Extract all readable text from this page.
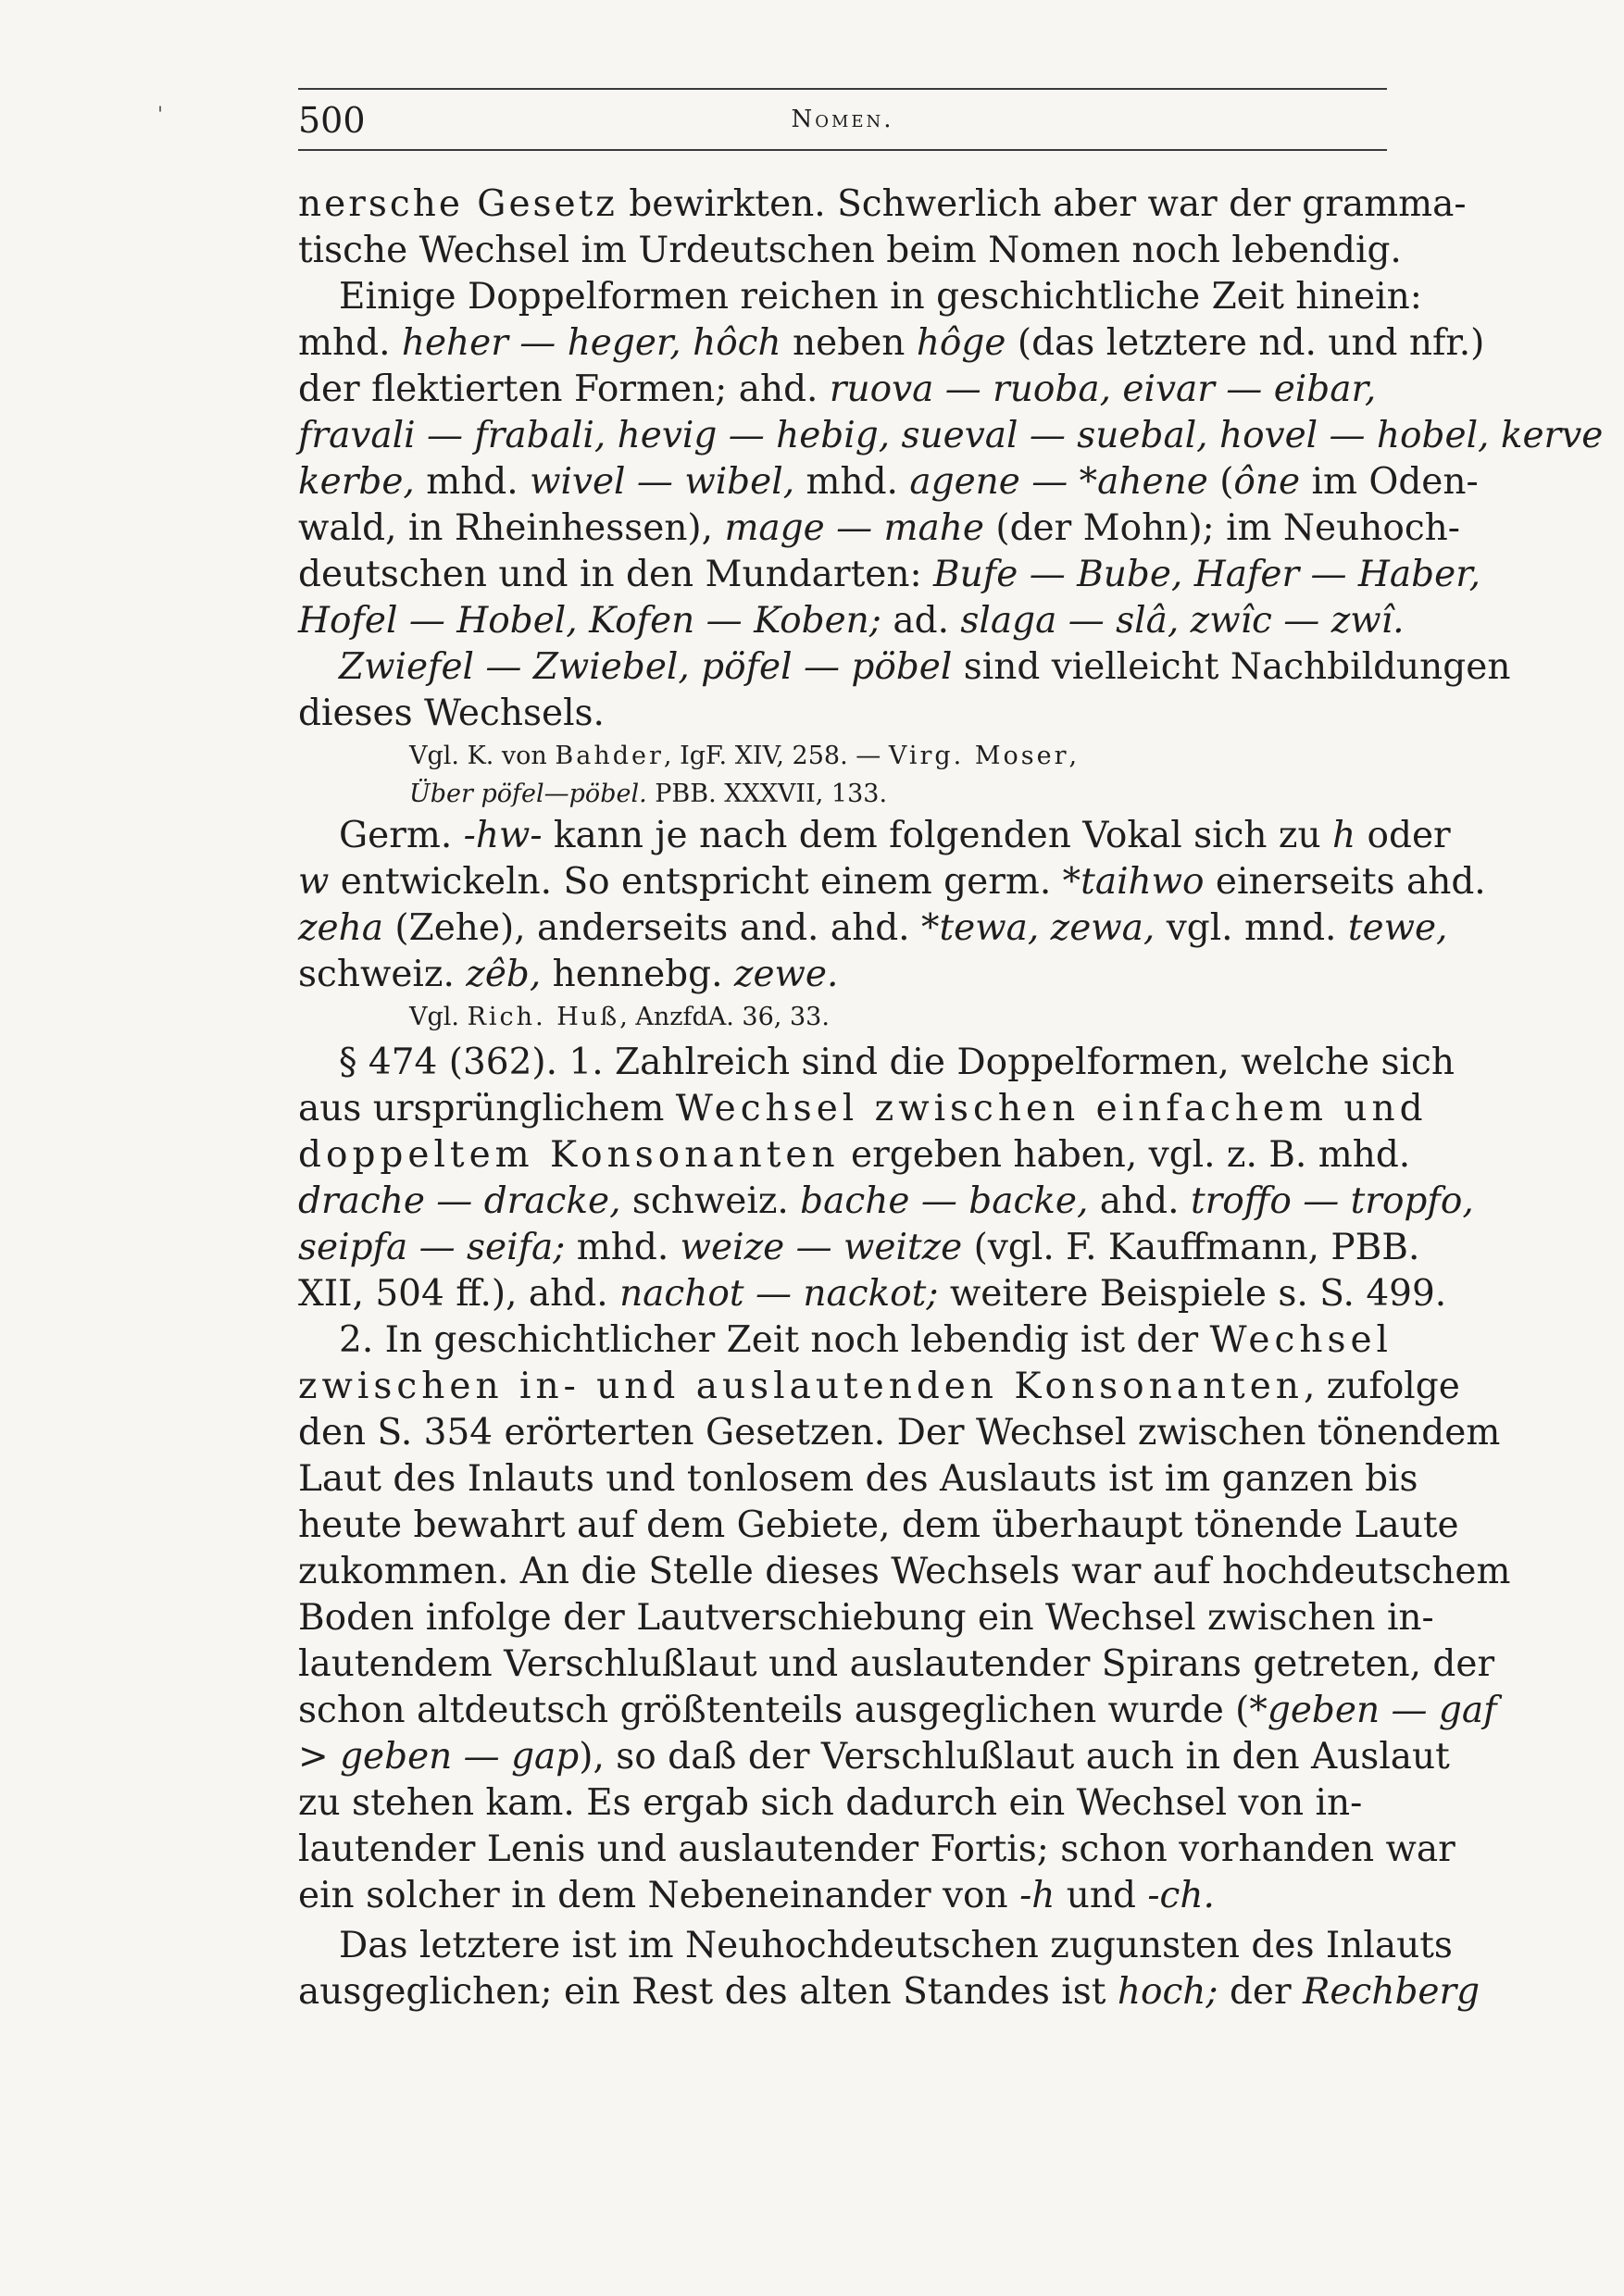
'	500	Nomen.
nersche Gesetz bewirkten. Schwerlich aber war der gramma-
tische Wechsel im Urdeutschen beim Nomen noch lebendig.
Einige Doppelformen reichen in geschichtliche Zeit hinein:
mhd. heher — heger, hôch neben hôge (das letztere nd. und nfr.)
der flektierten Formen; ahd. ruova — ruoba, eivar — eibar,
fravali — frabali, hevig — hebig, sueval — suebal, hovel — hobel, kerve
kerbe, mhd. wivel — wibel, mhd. agene — *ahene (ône im Oden-
wald, in Rheinhessen), mage — mahe (der Mohn); im Neuhoch-
deutschen und in den Mundarten: Bufe — Bube, Hafer — Haber,
Hofel — Hobel, Kofen — Koben; ad. slaga — slâ, zwîc — zwî.
Zwiefel — Zwiebel, pöfel — pöbel sind vielleicht Nachbildungen
dieses Wechsels.
Vgl. K. von Bahder, IgF. XIV, 258. — Virg. Moser,
Über pöfel—pöbel. PBB. XXXVII, 133.
Germ. -hw- kann je nach dem folgenden Vokal sich zu h oder
w entwickeln. So entspricht einem germ. *taihwo einerseits ahd.
zeha (Zehe), anderseits and. ahd. *tewa, zewa, vgl. mnd. tewe,
schweiz. zêb, hennebg. zewe.
Vgl. Rich. Huß, AnzfdA. 36, 33.
§ 474 (362). 1. Zahlreich sind die Doppelformen, welche sich
aus ursprünglichem Wechsel zwischen einfachem und
doppeltem Konsonanten ergeben haben, vgl. z. B. mhd.
drache — dracke, schweiz. bache — backe, ahd. troffo — tropfo,
seipfa — seifa; mhd. weize — weitze (vgl. F. Kauffmann, PBB.
XII, 504 ff.), ahd. nachot — nackot; weitere Beispiele s. S. 499.
2. In geschichtlicher Zeit noch lebendig ist der Wechsel
zwischen in- und auslautenden Konsonanten, zufolge
den S. 354 erörterten Gesetzen. Der Wechsel zwischen tönendem
Laut des Inlauts und tonlosem des Auslauts ist im ganzen bis
heute bewahrt auf dem Gebiete, dem überhaupt tönende Laute
zukommen. An die Stelle dieses Wechsels war auf hochdeutschem
Boden infolge der Lautverschiebung ein Wechsel zwischen in-
lautendem Verschlußlaut und auslautender Spirans getreten, der
schon altdeutsch größtenteils ausgeglichen wurde (*geben — gaf
> geben — gap), so daß der Verschlußlaut auch in den Auslaut
zu stehen kam. Es ergab sich dadurch ein Wechsel von in-
lautender Lenis und auslautender Fortis; schon vorhanden war
ein solcher in dem Nebeneinander von -h und -ch.
Das letztere ist im Neuhochdeutschen zugunsten des Inlauts
ausgeglichen; ein Rest des alten Standes ist hoch; der Rechberg
